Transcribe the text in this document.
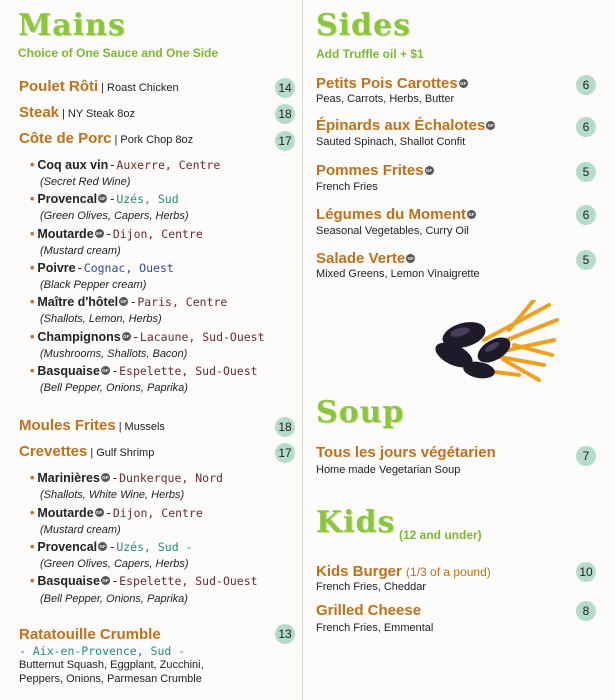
Mains
Choice of One Sauce and One Side
Poulet Rôti | Roast Chicken	14
Steak | NY Steak 8oz	18
Côte de Porc | Pork Chop 8oz	17
• Coq aux vin - Auxerre, Centre
(Secret Red Wine)
• Provencal GF - Uzés, Sud
(Green Olives, Capers, Herbs)
• Moutarde GF - Dijon, Centre
(Mustard cream)
• Poivre - Cognac, Ouest
(Black Pepper cream)
• Maître d'hôtel GF - Paris, Centre
(Shallots, Lemon, Herbs)
• Champignons GF - Lacaune, Sud-Ouest
(Mushrooms, Shallots, Bacon)
• Basquaise GF - Espelette, Sud-Ouest
(Bell Pepper, Onions, Paprika)
Moules Frites | Mussels	18
Crevettes | Gulf Shrimp	17
• Marinières GF - Dunkerque, Nord
(Shallots, White Wine, Herbs)
• Moutarde GF - Dijon, Centre
(Mustard cream)
• Provencal GF - Uzés, Sud -
(Green Olives, Capers, Herbs)
• Basquaise GF - Espelette, Sud-Ouest
(Bell Pepper, Onions, Paprika)
Ratatouille Crumble	13
- Aix-en-Provence, Sud -
Butternut Squash, Eggplant, Zucchini,
Peppers, Onions, Parmesan Crumble
Sides
Add Truffle oil + $1
Petits Pois Carottes GF
Peas, Carrots, Herbs, Butter
6
Épinards aux Échalotes GF
Sauted Spinach, Shallot Confit
6
Pommes Frites GF
French Fries
5
Légumes du Moment GF
Seasonal Vegetables, Curry Oil
6
Salade Verte GF
Mixed Greens, Lemon Vinaigrette
5
Soup
Tous les jours végétarien
Home made Vegetarian Soup
7
Kids (12 and under)
Kids Burger (1/3 of a pound)
French Fries, Cheddar
10
Grilled Cheese
French Fries, Emmental
8
